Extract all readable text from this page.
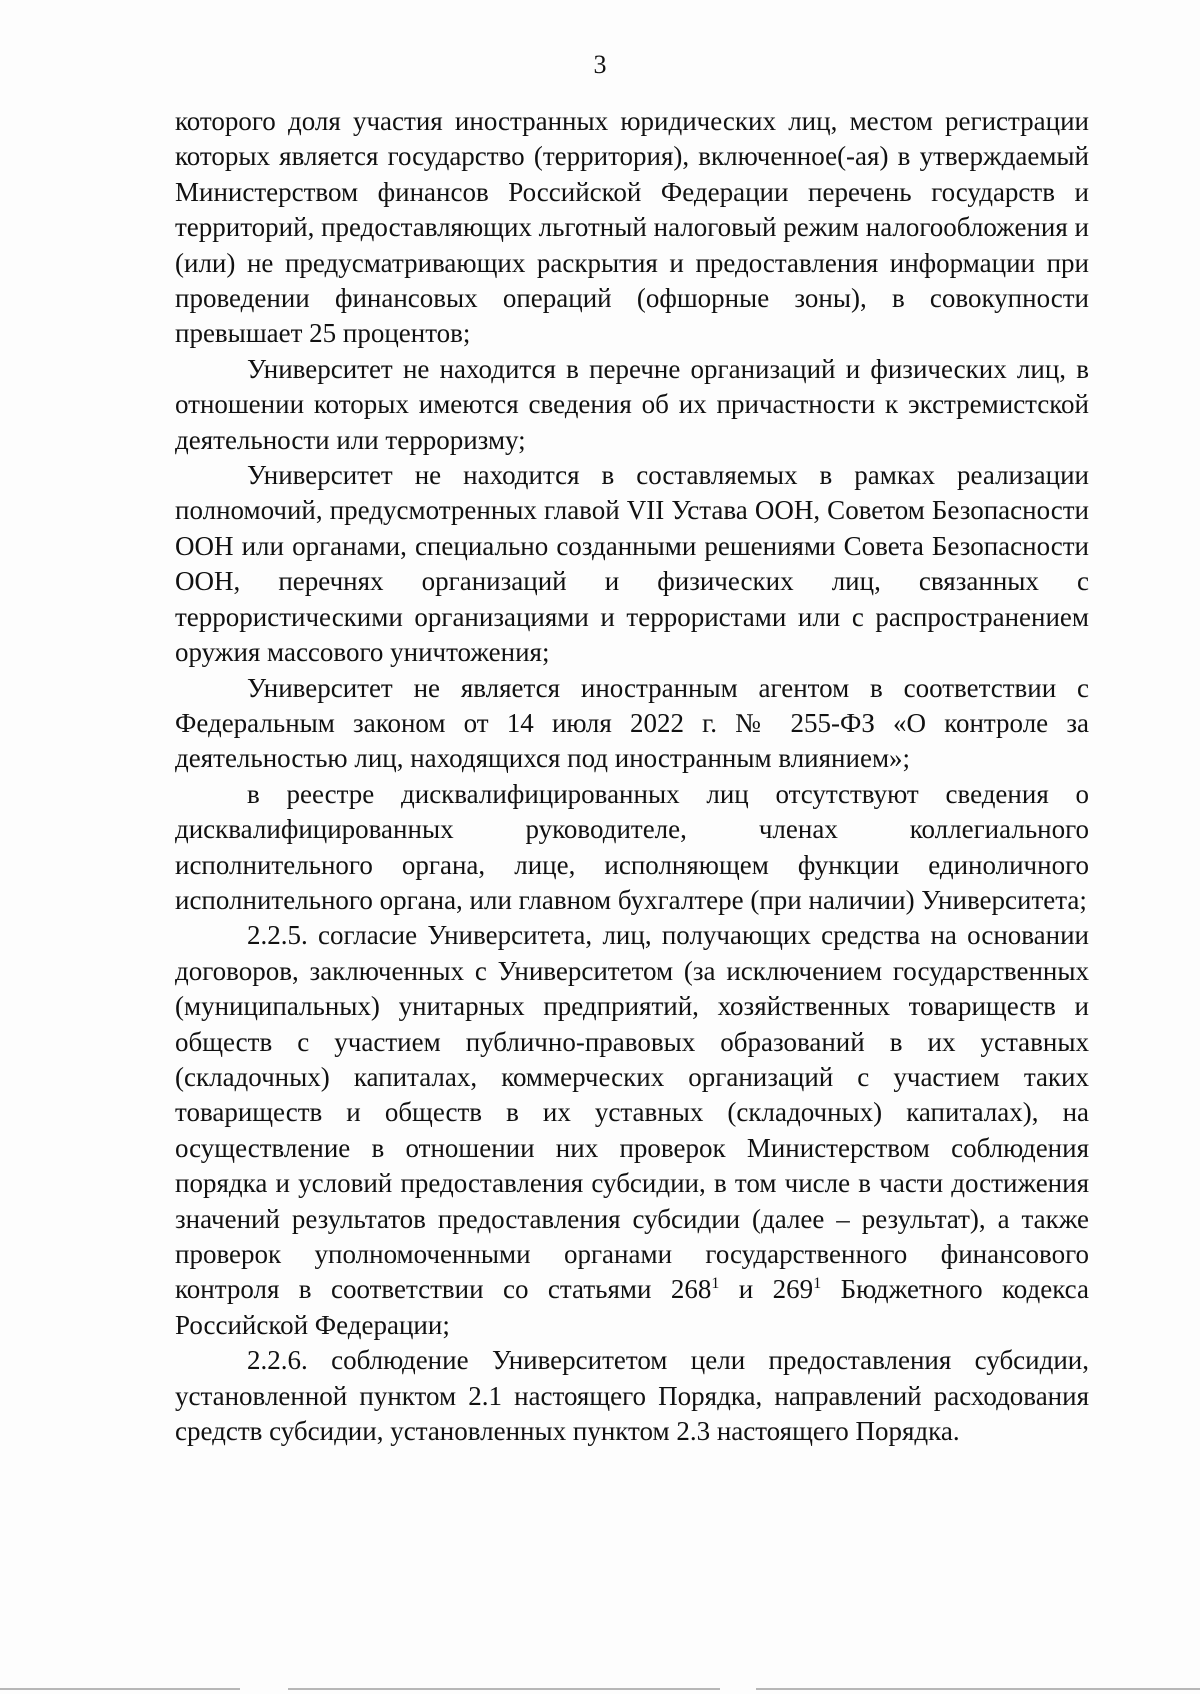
3

которого доля участия иностранных юридических лиц, местом регистрации которых является государство (территория), включенное(-ая) в утверждаемый Министерством финансов Российской Федерации перечень государств и территорий, предоставляющих льготный налоговый режим налогообложения и (или) не предусматривающих раскрытия и предоставления информации при проведении финансовых операций (офшорные зоны), в совокупности превышает 25 процентов;

Университет не находится в перечне организаций и физических лиц, в отношении которых имеются сведения об их причастности к экстремистской деятельности или терроризму;

Университет не находится в составляемых в рамках реализации полномочий, предусмотренных главой VII Устава ООН, Советом Безопасности ООН или органами, специально созданными решениями Совета Безопасности ООН, перечнях организаций и физических лиц, связанных с террористическими организациями и террористами или с распространением оружия массового уничтожения;

Университет не является иностранным агентом в соответствии с Федеральным законом от 14 июля 2022 г. № 255-ФЗ «О контроле за деятельностью лиц, находящихся под иностранным влиянием»;

в реестре дисквалифицированных лиц отсутствуют сведения о дисквалифицированных руководителе, членах коллегиального исполнительного органа, лице, исполняющем функции единоличного исполнительного органа, или главном бухгалтере (при наличии) Университета;

2.2.5. согласие Университета, лиц, получающих средства на основании договоров, заключенных с Университетом (за исключением государственных (муниципальных) унитарных предприятий, хозяйственных товариществ и обществ с участием публично-правовых образований в их уставных (складочных) капиталах, коммерческих организаций с участием таких товариществ и обществ в их уставных (складочных) капиталах), на осуществление в отношении них проверок Министерством соблюдения порядка и условий предоставления субсидии, в том числе в части достижения значений результатов предоставления субсидии (далее – результат), а также проверок уполномоченными органами государственного финансового контроля в соответствии со статьями $268^1$ и $269^1$ Бюджетного кодекса Российской Федерации;

2.2.6. соблюдение Университетом цели предоставления субсидии, установленной пунктом 2.1 настоящего Порядка, направлений расходования средств субсидии, установленных пунктом 2.3 настоящего Порядка.
